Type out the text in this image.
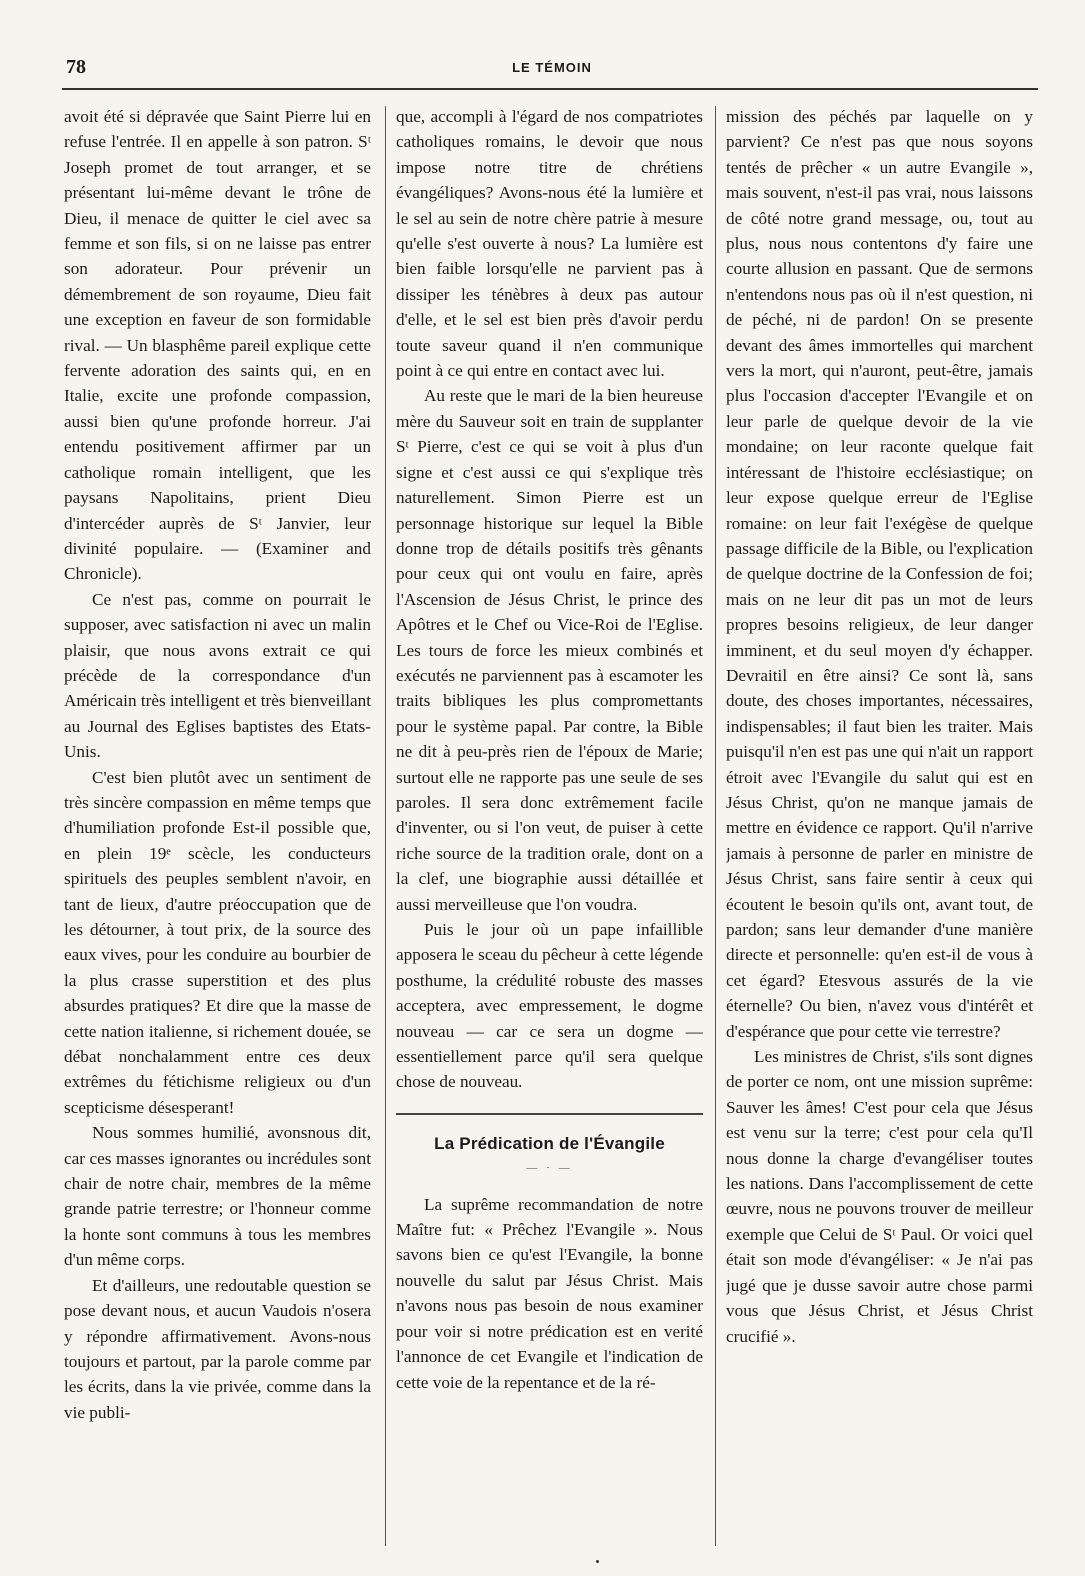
78	LE TÉMOIN

avoit été si dépravée que Saint Pierre lui en refuse l'entrée. Il en appelle à son patron. Sᵗ Joseph promet de tout arranger, et se présentant lui-même devant le trône de Dieu, il menace de quitter le ciel avec sa femme et son fils, si on ne laisse pas entrer son adorateur. Pour prévenir un démembrement de son royaume, Dieu fait une exception en faveur de son formidable rival. — Un blasphême pareil explique cette fervente adoration des saints qui, en en Italie, excite une profonde compassion, aussi bien qu'une profonde horreur. J'ai entendu positivement affirmer par un catholique romain intelligent, que les paysans Napolitains, prient Dieu d'intercéder auprès de Sᵗ Janvier, leur divinité populaire. — (Examiner and Chronicle).

Ce n'est pas, comme on pourrait le supposer, avec satisfaction ni avec un malin plaisir, que nous avons extrait ce qui précède de la correspondance d'un Américain très intelligent et très bienveillant au Journal des Eglises baptistes des Etats-Unis.

C'est bien plutôt avec un sentiment de très sincère compassion en même temps que d'humiliation profonde Est-il possible que, en plein 19ᵉ scècle, les conducteurs spirituels des peuples semblent n'avoir, en tant de lieux, d'autre préoccupation que de les détourner, à tout prix, de la source des eaux vives, pour les conduire au bourbier de la plus crasse superstition et des plus absurdes pratiques? Et dire que la masse de cette nation italienne, si richement douée, se débat nonchalamment entre ces deux extrêmes du fétichisme religieux ou d'un scepticisme désesperant!

Nous sommes humilié, avonsnous dit, car ces masses ignorantes ou incrédules sont chair de notre chair, membres de la même grande patrie terrestre; or l'honneur comme la honte sont communs à tous les membres d'un même corps.

Et d'ailleurs, une redoutable question se pose devant nous, et aucun Vaudois n'osera y répondre affirmativement. Avons-nous toujours et partout, par la parole comme par les écrits, dans la vie privée, comme dans la vie publi-

que, accompli à l'égard de nos compatriotes catholiques romains, le devoir que nous impose notre titre de chrétiens évangéliques? Avons-nous été la lumière et le sel au sein de notre chère patrie à mesure qu'elle s'est ouverte à nous? La lumière est bien faible lorsqu'elle ne parvient pas à dissiper les ténèbres à deux pas autour d'elle, et le sel est bien près d'avoir perdu toute saveur quand il n'en communique point à ce qui entre en contact avec lui.

Au reste que le mari de la bien heureuse mère du Sauveur soit en train de supplanter Sᵗ Pierre, c'est ce qui se voit à plus d'un signe et c'est aussi ce qui s'explique très naturellement. Simon Pierre est un personnage historique sur lequel la Bible donne trop de détails positifs très gênants pour ceux qui ont voulu en faire, après l'Ascension de Jésus Christ, le prince des Apôtres et le Chef ou Vice-Roi de l'Eglise. Les tours de force les mieux combinés et exécutés ne parviennent pas à escamoter les traits bibliques les plus compromettants pour le système papal. Par contre, la Bible ne dit à peu-près rien de l'époux de Marie; surtout elle ne rapporte pas une seule de ses paroles. Il sera donc extrêmement facile d'inventer, ou si l'on veut, de puiser à cette riche source de la tradition orale, dont on a la clef, une biographie aussi détaillée et aussi merveilleuse que l'on voudra.

Puis le jour où un pape infaillible apposera le sceau du pêcheur à cette légende posthume, la crédulité robuste des masses acceptera, avec empressement, le dogme nouveau — car ce sera un dogme — essentiellement parce qu'il sera quelque chose de nouveau.

La Prédication de l'Évangile
— · —

La suprême recommandation de notre Maître fut: « Prêchez l'Evangile ». Nous savons bien ce qu'est l'Evangile, la bonne nouvelle du salut par Jésus Christ. Mais n'avons nous pas besoin de nous examiner pour voir si notre prédication est en verité l'annonce de cet Evangile et l'indication de cette voie de la repentance et de la ré-

mission des péchés par laquelle on y parvient? Ce n'est pas que nous soyons tentés de prêcher « un autre Evangile », mais souvent, n'est-il pas vrai, nous laissons de côté notre grand message, ou, tout au plus, nous nous contentons d'y faire une courte allusion en passant. Que de sermons n'entendons nous pas où il n'est question, ni de péché, ni de pardon! On se presente devant des âmes immortelles qui marchent vers la mort, qui n'auront, peut-être, jamais plus l'occasion d'accepter l'Evangile et on leur parle de quelque devoir de la vie mondaine; on leur raconte quelque fait intéressant de l'histoire ecclésiastique; on leur expose quelque erreur de l'Eglise romaine: on leur fait l'exégèse de quelque passage difficile de la Bible, ou l'explication de quelque doctrine de la Confession de foi; mais on ne leur dit pas un mot de leurs propres besoins religieux, de leur danger imminent, et du seul moyen d'y échapper. Devraitil en être ainsi? Ce sont là, sans doute, des choses importantes, nécessaires, indispensables; il faut bien les traiter. Mais puisqu'il n'en est pas une qui n'ait un rapport étroit avec l'Evangile du salut qui est en Jésus Christ, qu'on ne manque jamais de mettre en évidence ce rapport. Qu'il n'arrive jamais à personne de parler en ministre de Jésus Christ, sans faire sentir à ceux qui écoutent le besoin qu'ils ont, avant tout, de pardon; sans leur demander d'une manière directe et personnelle: qu'en est-il de vous à cet égard? Etesvous assurés de la vie éternelle? Ou bien, n'avez vous d'intérêt et d'espérance que pour cette vie terrestre?

Les ministres de Christ, s'ils sont dignes de porter ce nom, ont une mission suprême: Sauver les âmes! C'est pour cela que Jésus est venu sur la terre; c'est pour cela qu'Il nous donne la charge d'evangéliser toutes les nations. Dans l'accomplissement de cette œuvre, nous ne pouvons trouver de meilleur exemple que Celui de Sᵗ Paul. Or voici quel était son mode d'évangéliser: « Je n'ai pas jugé que je dusse savoir autre chose parmi vous que Jésus Christ, et Jésus Christ crucifié ».
